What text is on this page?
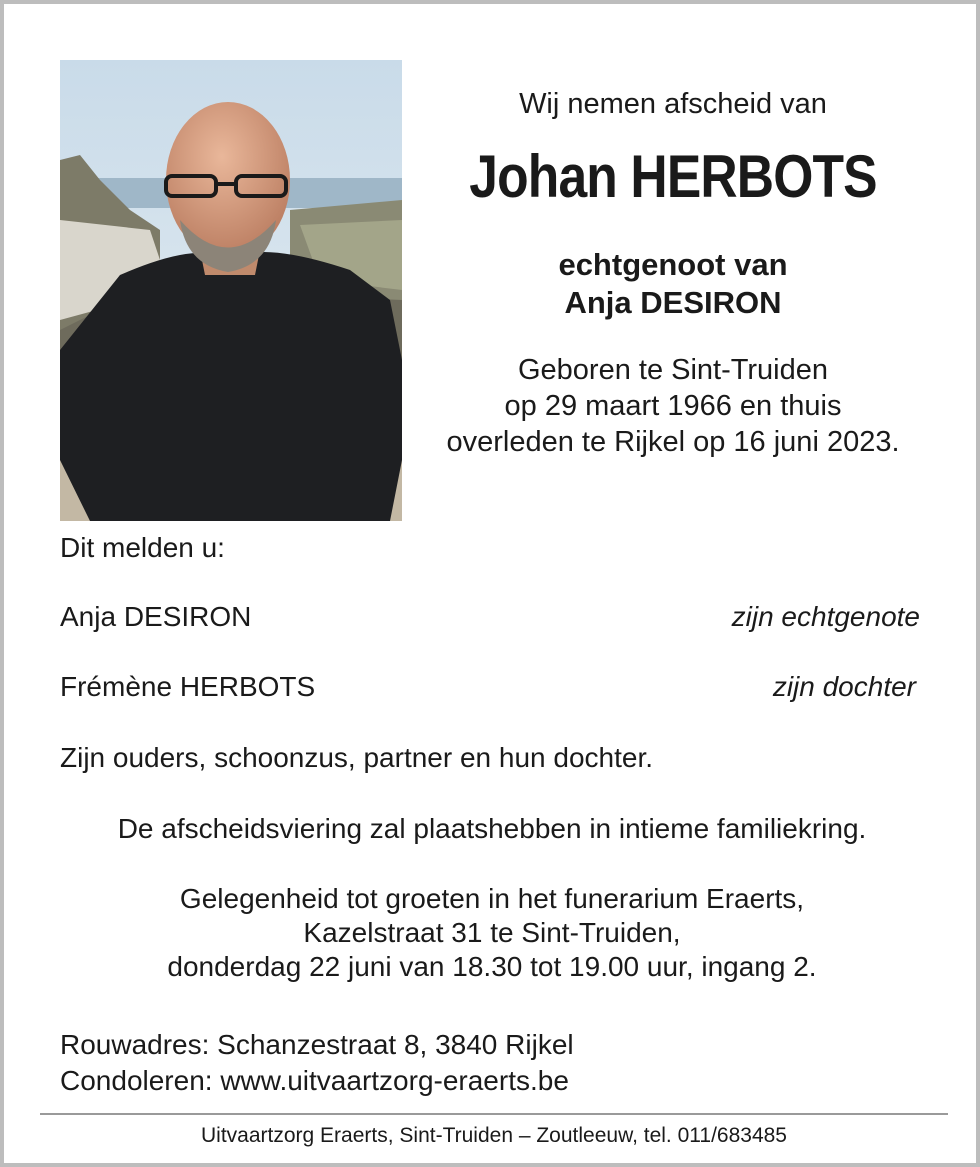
Wij nemen afscheid van

Johan HERBOTS

echtgenoot van

Anja DESIRON

Geboren te Sint-Truiden
op 29 maart 1966 en thuis
overleden te Rijkel op 16 juni 2023.

Dit melden u:

Anja DESIRON	zijn echtgenote

Frémène HERBOTS	zijn dochter

Zijn ouders, schoonzus, partner en hun dochter.

De afscheidsviering zal plaatshebben in intieme familiekring.

Gelegenheid tot groeten in het funerarium Eraerts,
Kazelstraat 31 te Sint-Truiden,
donderdag 22 juni van 18.30 tot 19.00 uur, ingang 2.

Rouwadres: Schanzestraat 8, 3840 Rijkel

Condoleren: www.uitvaartzorg-eraerts.be

Uitvaartzorg Eraerts, Sint-Truiden – Zoutleeuw, tel. 011/683485
